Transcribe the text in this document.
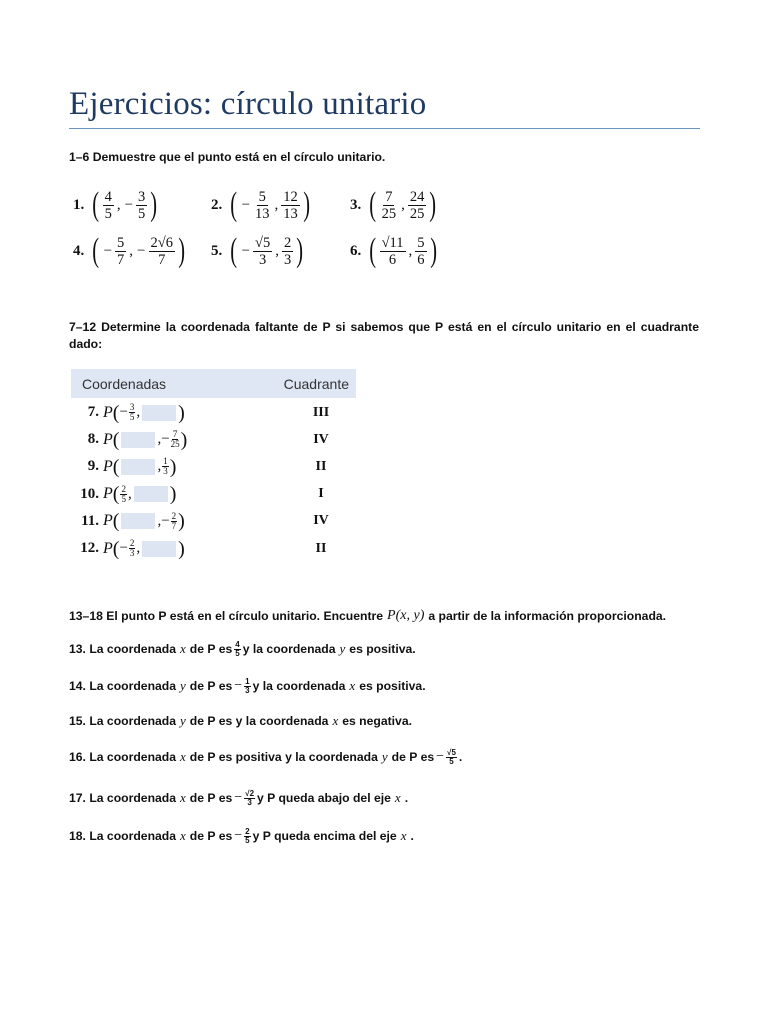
Ejercicios: círculo unitario
1–6 Demuestre que el punto está en el círculo unitario.
1. ( $\frac{4}{5}$ , − $\frac{3}{5}$ )	2. ( − $\frac{5}{13}$ , $\frac{12}{13}$ )	3. ( $\frac{7}{25}$ , $\frac{24}{25}$ )
4. ( − $\frac{5}{7}$ , − $\frac{2√6}{7}$ ) 5. ( − $\frac{√5}{3}$ , $\frac{2}{3}$ )	6. ( $\frac{√11}{6}$ , $\frac{5}{6}$ )
7–12 Determine la coordenada faltante de P si sabemos que P está en el círculo unitario en el cuadrante dado:
Coordenadas	Cuadrante
7. P ( − $\frac{3}{5}$ , )	III
8. P (	, − $\frac{7}{25}$ )	IV
9. P (	, $\frac{1}{3}$ )	II
10. P ( $\frac{2}{5}$ , )	I
11. P (	, − $\frac{2}{7}$ )	IV
12. P ( − $\frac{2}{3}$ , )	II
13–18 El punto P está en el círculo unitario. Encuentre P(x, y) a partir de la información proporcionada.
13. La coordenada x de P es $\frac{4}{5}$ y la coordenada y es positiva.
14. La coordenada y de P es − $\frac{1}{3}$ y la coordenada x es positiva.
15. La coordenada y de P es y la coordenada x es negativa.
16. La coordenada x de P es positiva y la coordenada y de P es − $\frac{√5}{5}$ .
17. La coordenada x de P es − $\frac{√2}{3}$ y P queda abajo del eje x .
18. La coordenada x de P es − $\frac{2}{5}$ y P queda encima del eje x .
